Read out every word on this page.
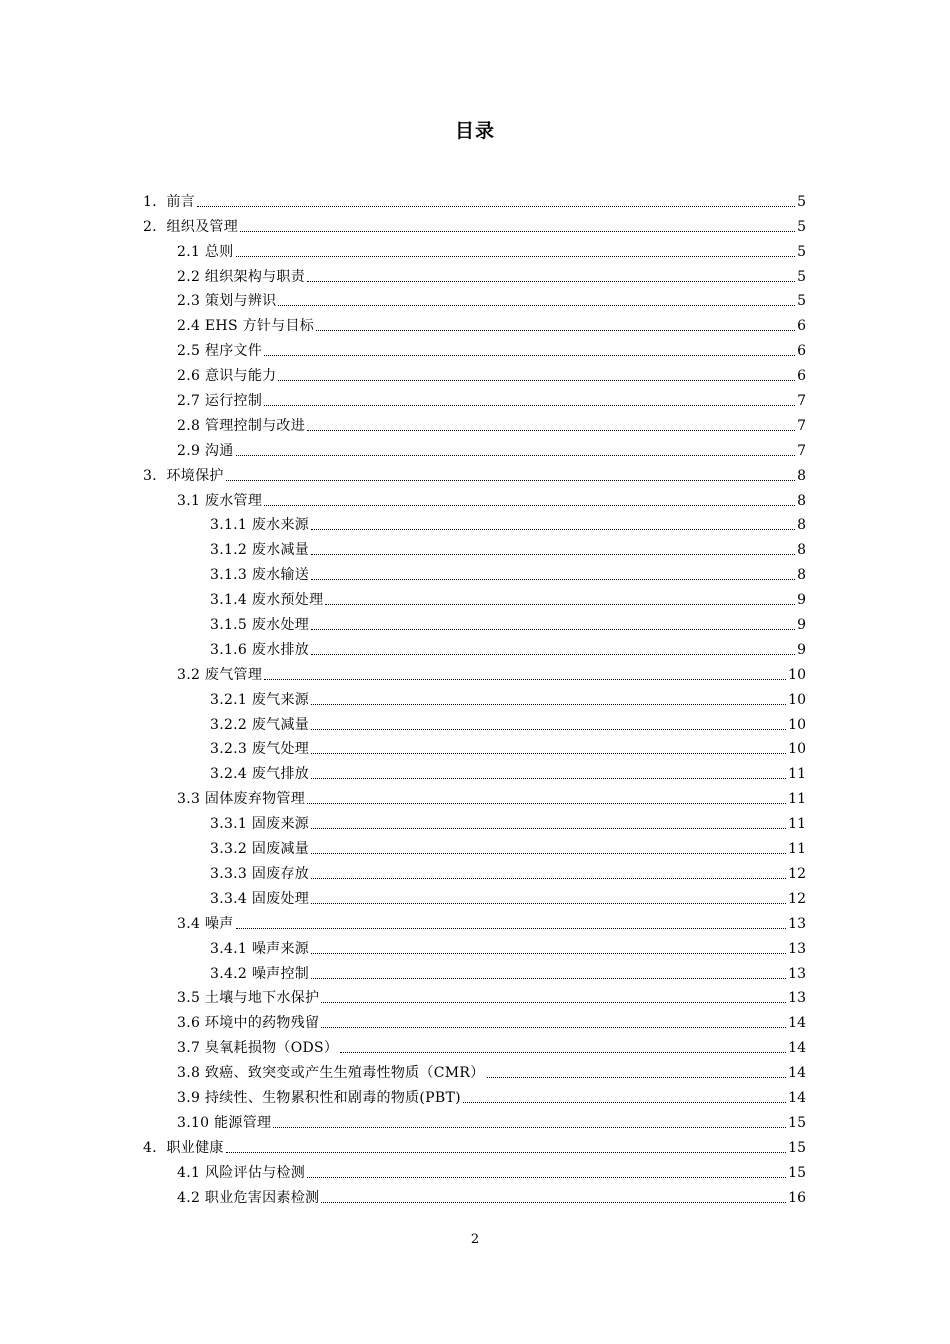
目录
1．前言	5
2．组织及管理	5
2.1 总则	5
2.2 组织架构与职责	5
2.3 策划与辨识	5
2.4 EHS 方针与目标	6
2.5 程序文件	6
2.6 意识与能力	6
2.7 运行控制	7
2.8 管理控制与改进	7
2.9 沟通	7
3．环境保护	8
3.1 废水管理	8
3.1.1 废水来源	8
3.1.2 废水减量	8
3.1.3 废水输送	8
3.1.4 废水预处理	9
3.1.5 废水处理	9
3.1.6 废水排放	9
3.2 废气管理	10
3.2.1 废气来源	10
3.2.2 废气减量	10
3.2.3 废气处理	10
3.2.4 废气排放	11
3.3 固体废弃物管理	11
3.3.1 固废来源	11
3.3.2 固废减量	11
3.3.3 固废存放	12
3.3.4 固废处理	12
3.4 噪声	13
3.4.1 噪声来源	13
3.4.2 噪声控制	13
3.5 土壤与地下水保护	13
3.6 环境中的药物残留	14
3.7 臭氧耗损物（ODS）	14
3.8 致癌、致突变或产生生殖毒性物质（CMR）	14
3.9 持续性、生物累积性和剧毒的物质(PBT)	14
3.10 能源管理	15
4．职业健康	15
4.1 风险评估与检测	15
4.2 职业危害因素检测	16
2
